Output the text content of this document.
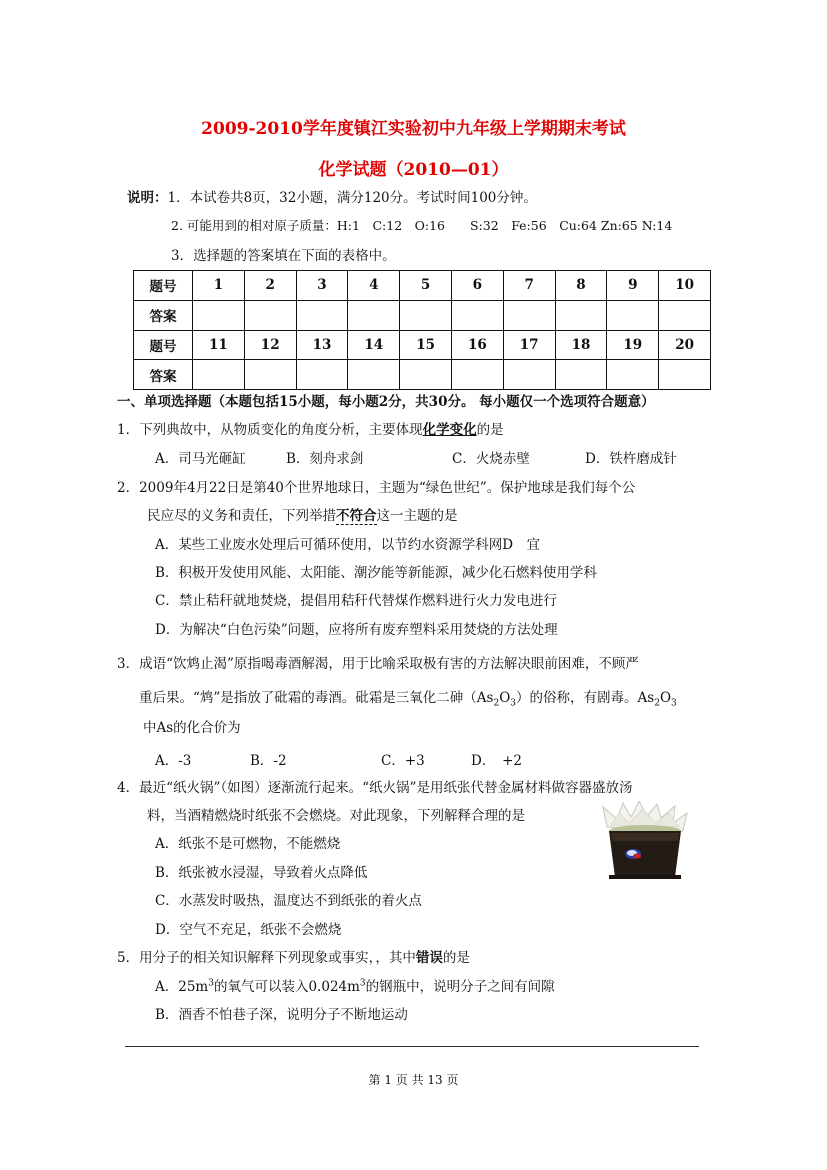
2009-2010学年度镇江实验初中九年级上学期期末考试
化学试题（2010—01）
说明：1．本试卷共8页，32小题，满分120分。考试时间100分钟。
2. 可能用到的相对原子质量：H:1　C:12　O:16　　S:32　Fe:56　Cu:64 Zn:65 N:14
3．选择题的答案填在下面的表格中。
题号	1	2	3	4	5	6	7	8	9	10
答案										
题号	11	12	13	14	15	16	17	18	19	20
答案										
一、单项选择题（本题包括15小题，每小题2分，共30分。 每小题仅一个选项符合题意）
1．下列典故中，从物质变化的角度分析，主要体现化学变化的是
A．司马光砸缸	B．刻舟求剑	C．火烧赤壁	D．铁杵磨成针
2．2009年4月22日是第40个世界地球日，主题为“绿色世纪”。保护地球是我们每个公
民应尽的义务和责任，下列举措不符合这一主题的是
A．某些工业废水处理后可循环使用，以节约水资源学科网D　宜
B．积极开发使用风能、太阳能、潮汐能等新能源，减少化石燃料使用学科
C．禁止秸秆就地焚烧，提倡用秸秆代替煤作燃料进行火力发电进行
D．为解决“白色污染”问题，应将所有废弃塑料采用焚烧的方法处理
3．成语“饮鸩止渴”原指喝毒酒解渴，用于比喻采取极有害的方法解决眼前困难，不顾严
重后果。“鸩”是指放了砒霜的毒酒。砒霜是三氧化二砷$(As_2O_3)$的俗称，有剧毒。$As_2O_3$
中As的化合价为
A．-3	B．-2	C．+3	D．　+2
4．最近“纸火锅”（如图）逐渐流行起来。“纸火锅”是用纸张代替金属材料做容器盛放汤
料，当酒精燃烧时纸张不会燃烧。对此现象，下列解释合理的是
A．纸张不是可燃物，不能燃烧
B．纸张被水浸湿，导致着火点降低
C．水蒸发时吸热，温度达不到纸张的着火点
D．空气不充足，纸张不会燃烧
5．用分子的相关知识解释下列现象或事实，，其中错误的是
A．$25m^3$的氧气可以装入$0.024m^3$的钢瓶中，说明分子之间有间隙
B．酒香不怕巷子深，说明分子不断地运动
第 1 页 共 13 页
